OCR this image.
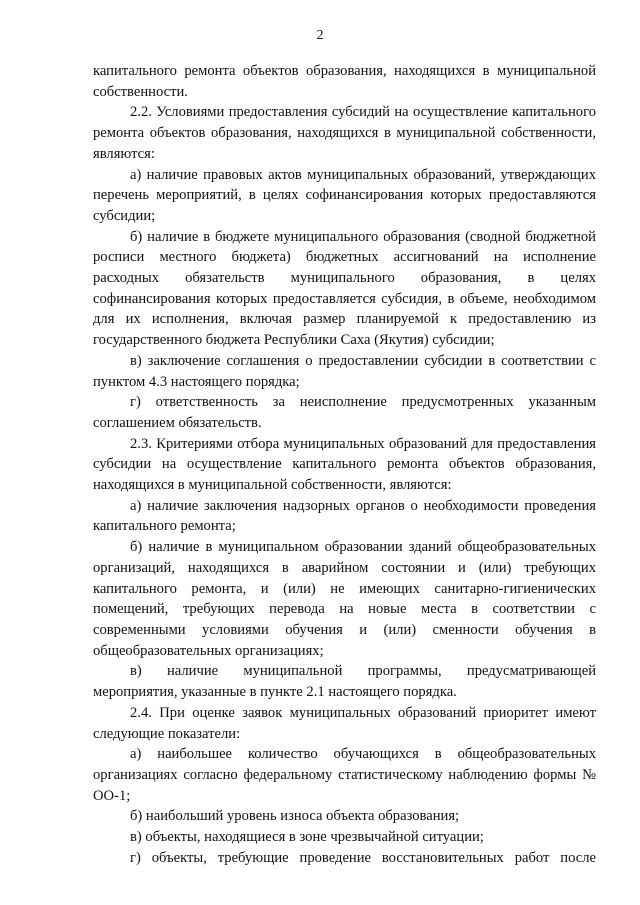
2

капитального ремонта объектов образования, находящихся в муниципальной собственности.

2.2. Условиями предоставления субсидий на осуществление капитального ремонта объектов образования, находящихся в муниципальной собственности, являются:

а) наличие правовых актов муниципальных образований, утверждающих перечень мероприятий, в целях софинансирования которых предоставляются субсидии;

б) наличие в бюджете муниципального образования (сводной бюджетной росписи местного бюджета) бюджетных ассигнований на исполнение расходных обязательств муниципального образования, в целях софинансирования которых предоставляется субсидия, в объеме, необходимом для их исполнения, включая размер планируемой к предоставлению из государственного бюджета Республики Саха (Якутия) субсидии;

в) заключение соглашения о предоставлении субсидии в соответствии с пунктом 4.3 настоящего порядка;

г) ответственность за неисполнение предусмотренных указанным соглашением обязательств.

2.3. Критериями отбора муниципальных образований для предоставления субсидии на осуществление капитального ремонта объектов образования, находящихся в муниципальной собственности, являются:

а) наличие заключения надзорных органов о необходимости проведения капитального ремонта;

б) наличие в муниципальном образовании зданий общеобразовательных организаций, находящихся в аварийном состоянии и (или) требующих капитального ремонта, и (или) не имеющих санитарно-гигиенических помещений, требующих перевода на новые места в соответствии с современными условиями обучения и (или) сменности обучения в общеобразовательных организациях;

в) наличие муниципальной программы, предусматривающей мероприятия, указанные в пункте 2.1 настоящего порядка.

2.4. При оценке заявок муниципальных образований приоритет имеют следующие показатели:

а) наибольшее количество обучающихся в общеобразовательных организациях согласно федеральному статистическому наблюдению формы № ОО-1;

б) наибольший уровень износа объекта образования;

в) объекты, находящиеся в зоне чрезвычайной ситуации;

г) объекты, требующие проведение восстановительных работ после
